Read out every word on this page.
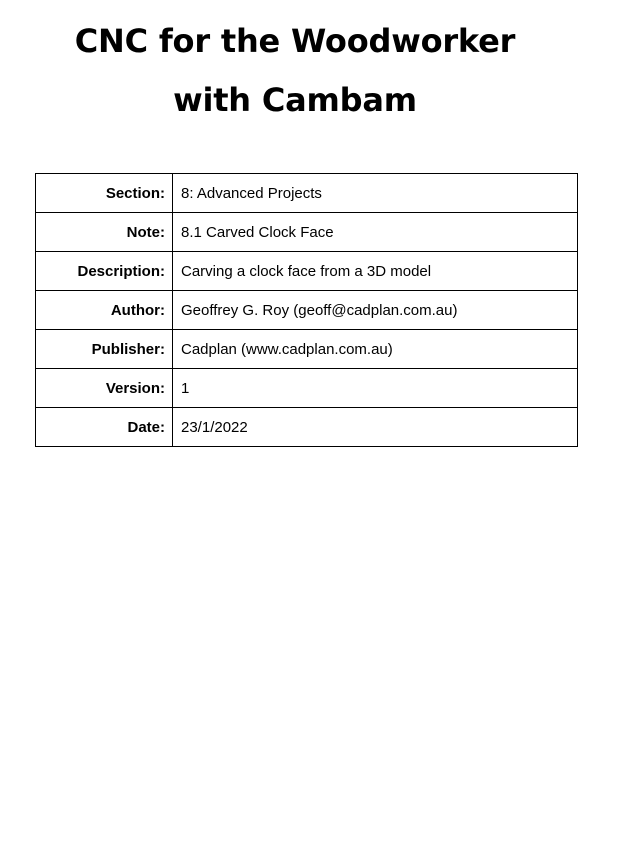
CNC for the Woodworker
with Cambam
Section:	8: Advanced Projects
Note:	8.1 Carved Clock Face
Description:	Carving a clock face from a 3D model
Author:	Geoffrey G. Roy (geoff@cadplan.com.au)
Publisher:	Cadplan (www.cadplan.com.au)
Version:	1
Date:	23/1/2022
